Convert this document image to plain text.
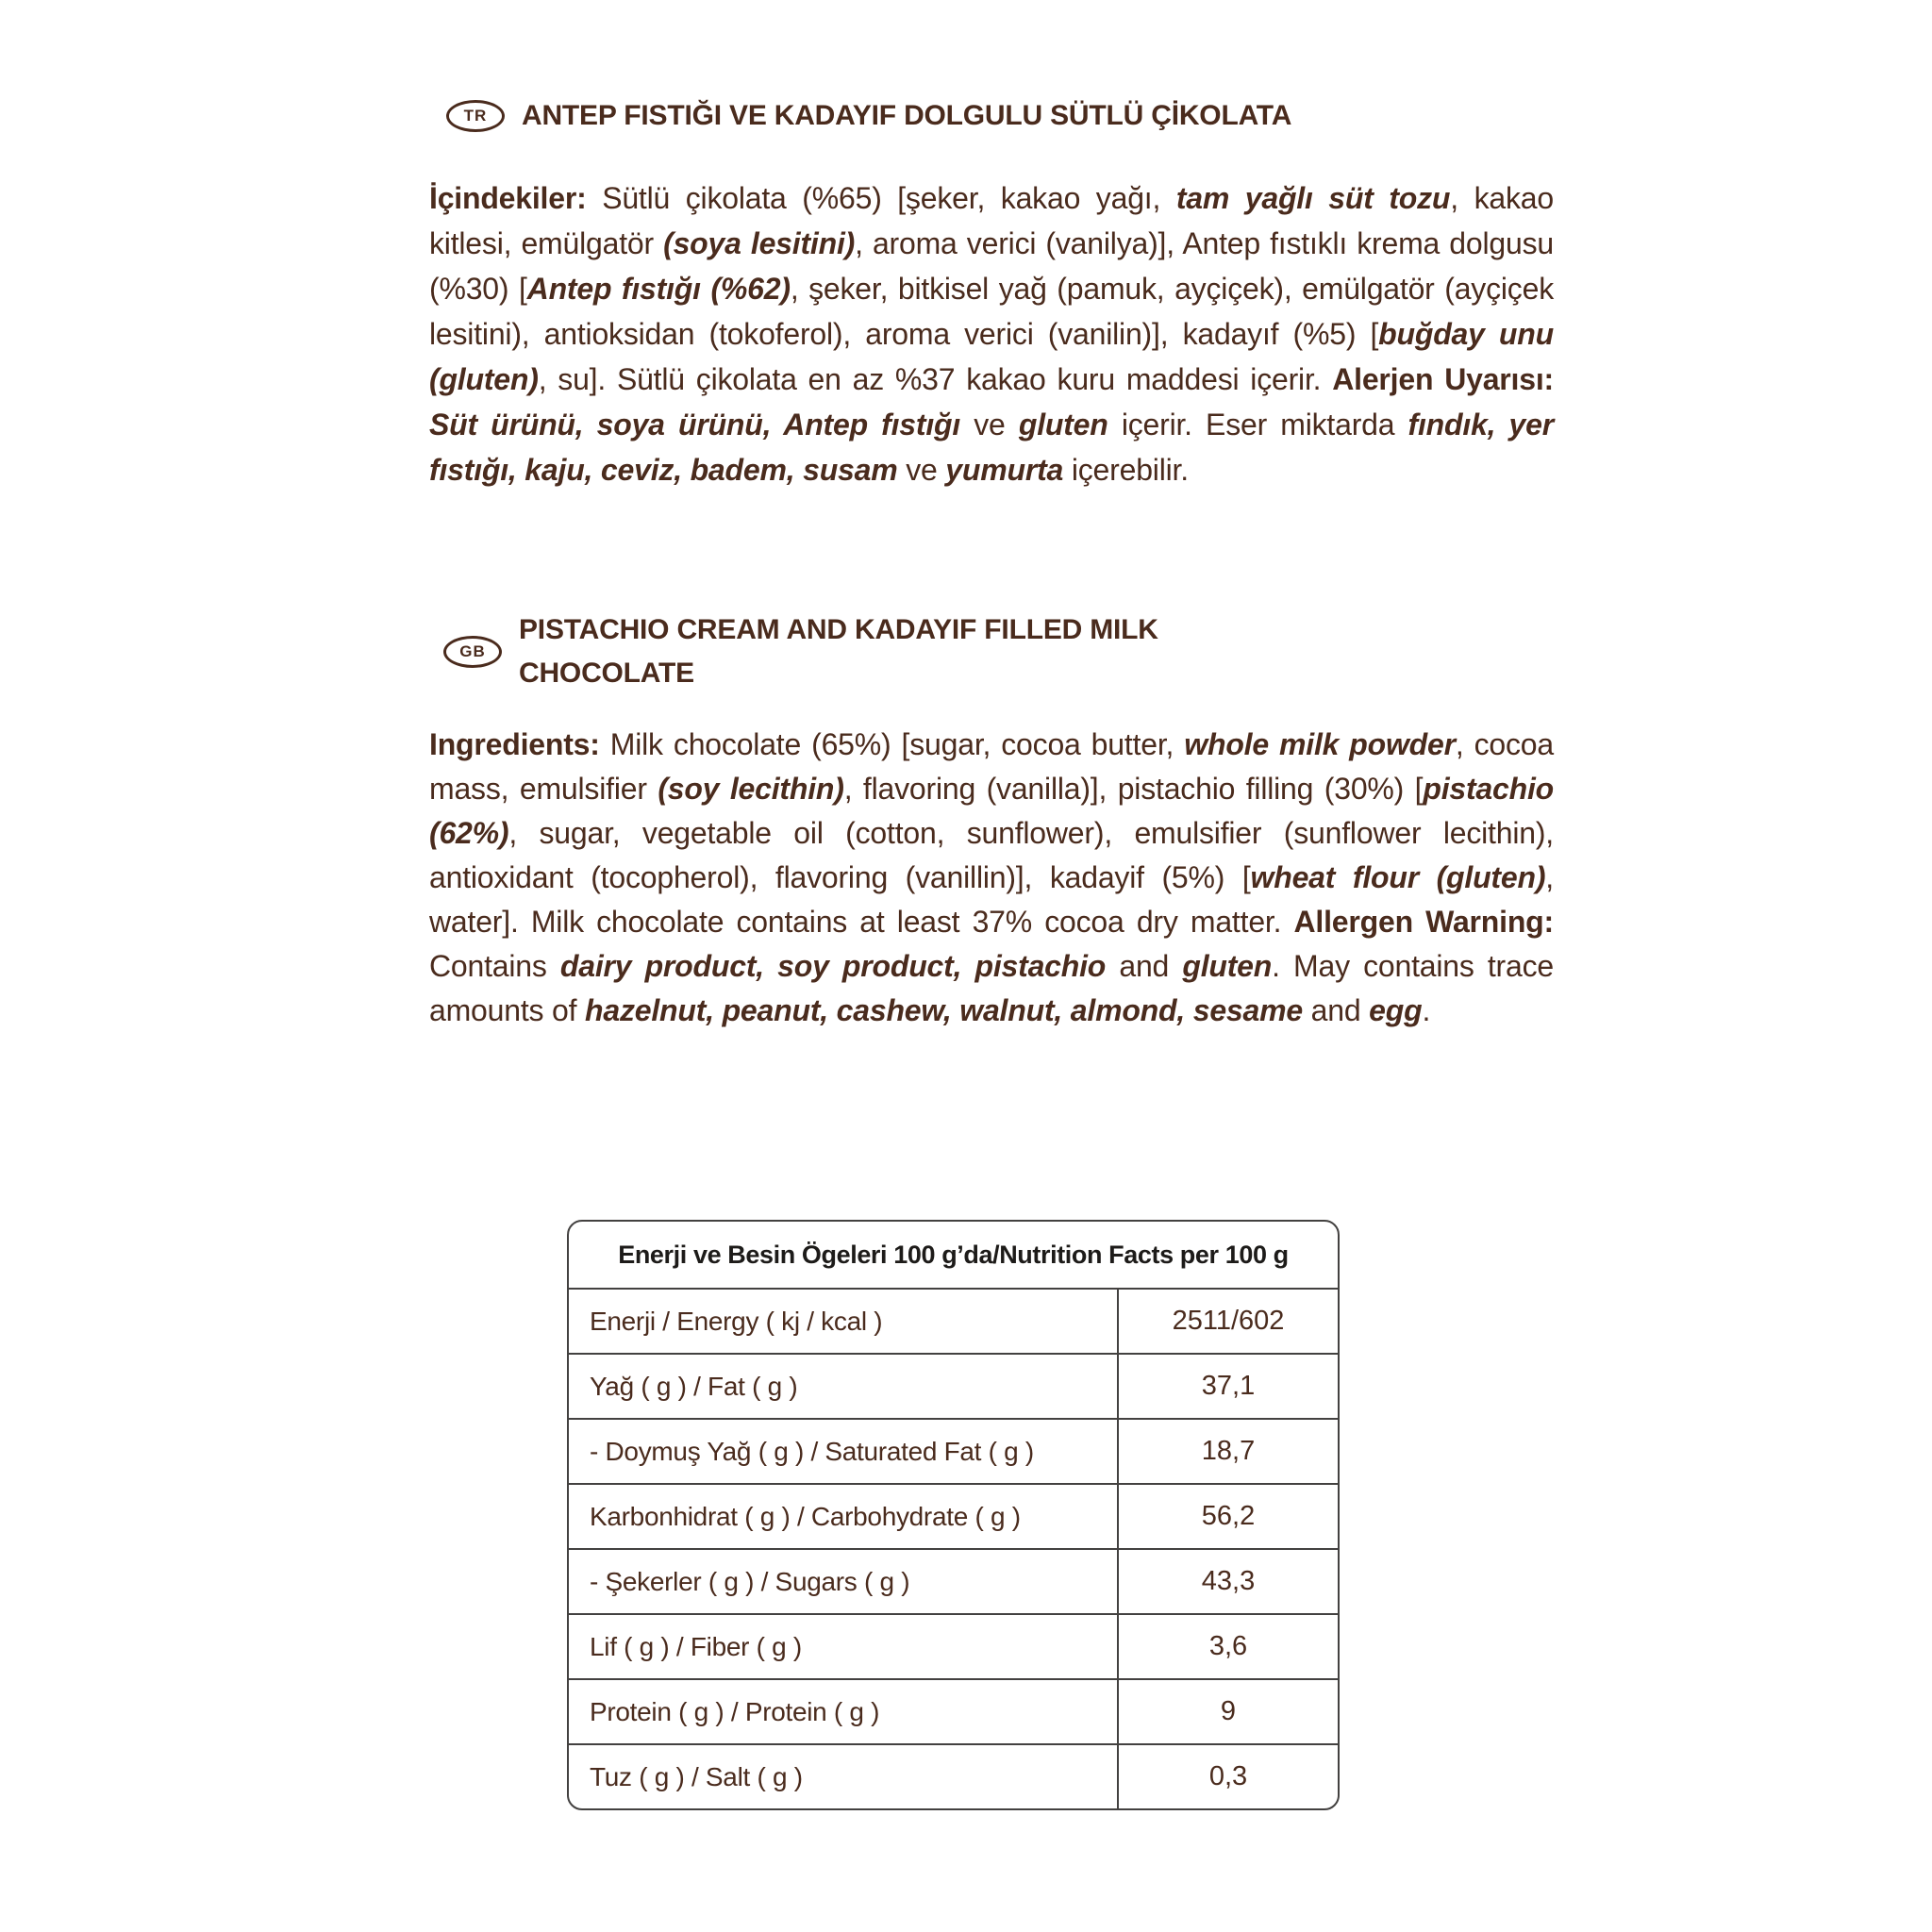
TR	ANTEP FISTIĞI VE KADAYIF DOLGULU SÜTLÜ ÇİKOLATA
İçindekiler: Sütlü çikolata (%65) [şeker, kakao yağı, tam yağlı süt tozu, kakao kitlesi, emülgatör (soya lesitini), aroma verici (vanilya)], Antep fıstıklı krema dolgusu (%30) [Antep fıstığı (%62), şeker, bitkisel yağ (pamuk, ayçiçek), emülgatör (ayçiçek lesitini), antioksidan (tokoferol), aroma verici (vanilin)], kadayıf (%5) [buğday unu (gluten), su]. Sütlü çikolata en az %37 kakao kuru maddesi içerir. Alerjen Uyarısı: Süt ürünü, soya ürünü, Antep fıstığı ve gluten içerir. Eser miktarda fındık, yer fıstığı, kaju, ceviz, badem, susam ve yumurta içerebilir.
GB
PISTACHIO CREAM AND KADAYIF FILLED MILK
CHOCOLATE
Ingredients: Milk chocolate (65%) [sugar, cocoa butter, whole milk powder, cocoa mass, emulsifier (soy lecithin), flavoring (vanilla)], pistachio filling (30%) [pistachio (62%), sugar, vegetable oil (cotton, sunflower), emulsifier (sunflower lecithin), antioxidant (tocopherol), flavoring (vanillin)], kadayif (5%) [wheat flour (gluten), water]. Milk chocolate contains at least 37% cocoa dry matter. Allergen Warning: Contains dairy product, soy product, pistachio and gluten. May contains trace amounts of hazelnut, peanut, cashew, walnut, almond, sesame and egg.
Enerji ve Besin Ögeleri 100 g’da/Nutrition Facts per 100 g
Enerji / Energy ( kj / kcal )	2511/602
Yağ ( g ) / Fat ( g )	37,1
- Doymuş Yağ ( g ) / Saturated Fat ( g )	18,7
Karbonhidrat ( g ) / Carbohydrate ( g )	56,2
- Şekerler ( g ) / Sugars ( g )	43,3
Lif ( g ) / Fiber ( g )	3,6
Protein ( g ) / Protein ( g )	9
Tuz ( g ) / Salt ( g )	0,3
